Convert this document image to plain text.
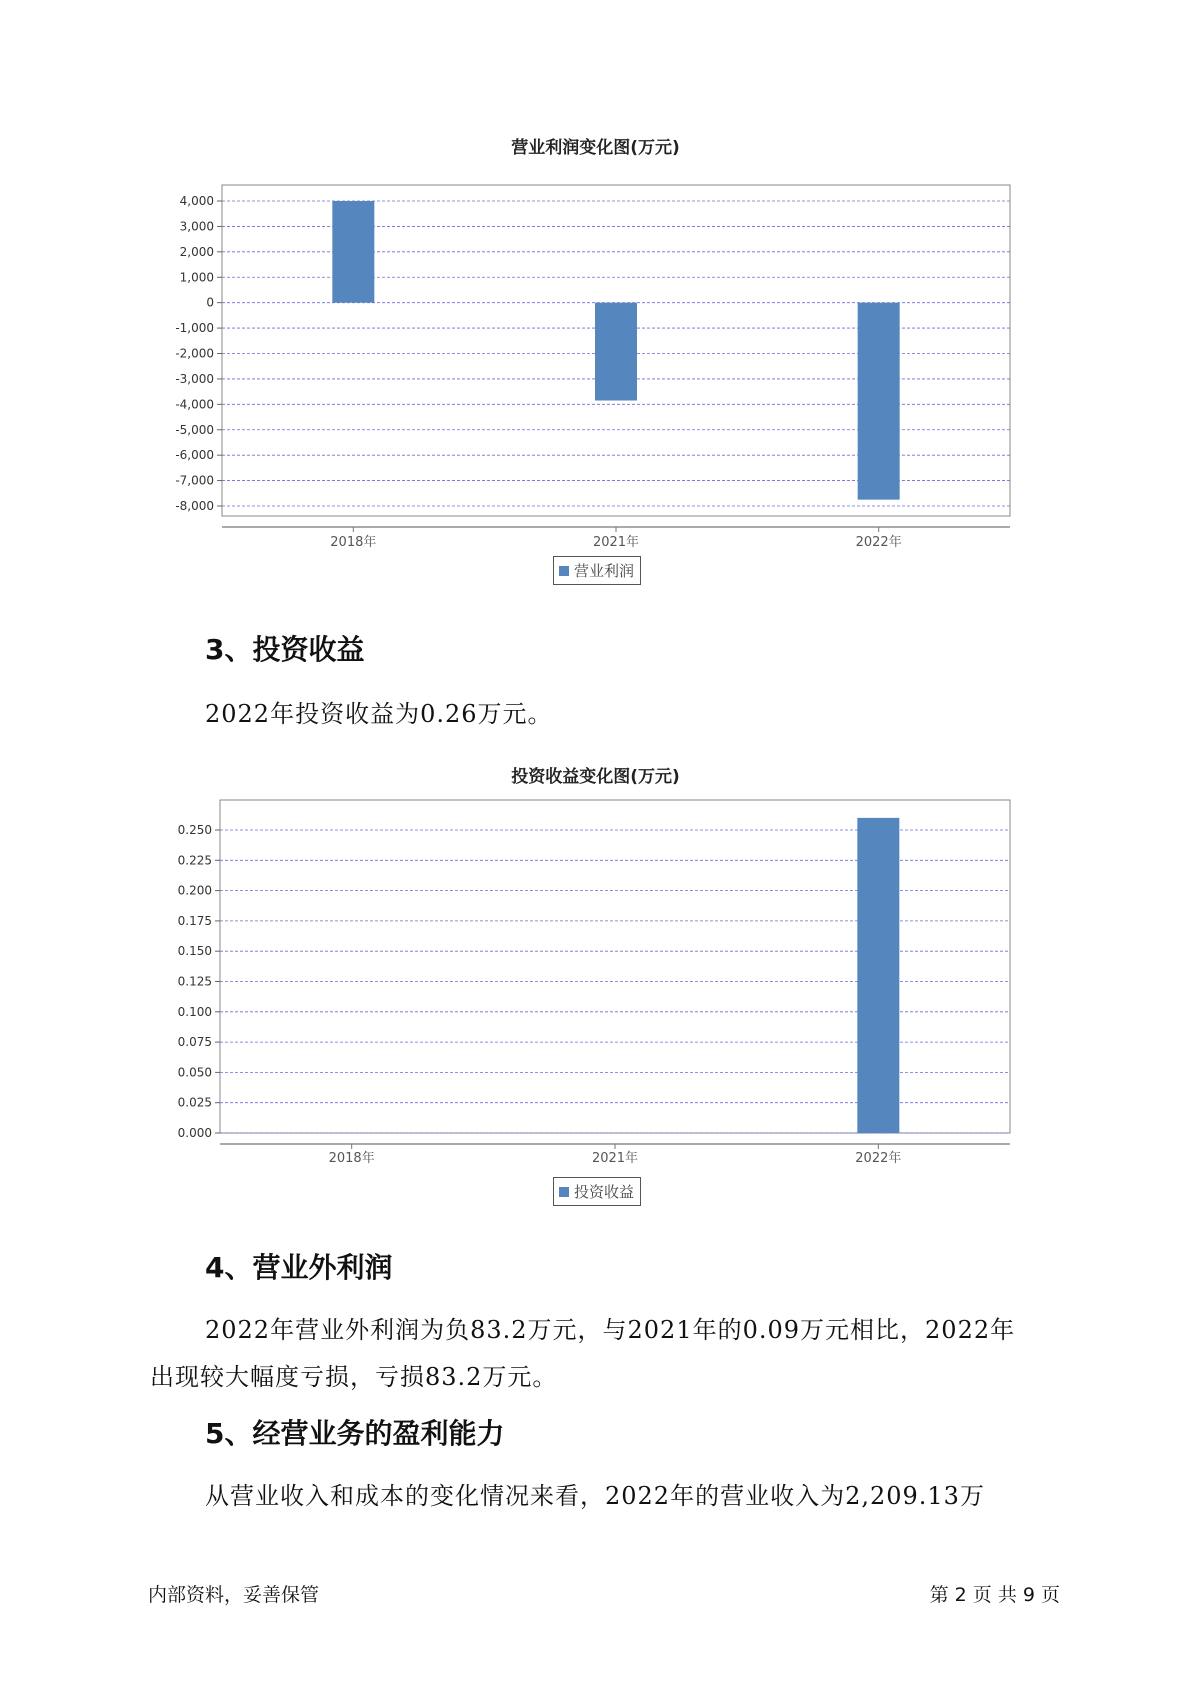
营业利润变化图(万元)
4,000
3,000
2,000
1,000
0
-1,000
-2,000
-3,000
-4,000
-5,000
-6,000
-7,000
-8,000
2018年	2021年	2022年
营业利润
3、投资收益
2022年投资收益为0.26万元。
投资收益变化图(万元)
0.250
0.225
0.200
0.175
0.150
0.125
0.100
0.075
0.050
0.025
0.000
2018年	2021年	2022年
投资收益
4、营业外利润
2022年营业外利润为负83.2万元，与2021年的0.09万元相比，2022年
出现较大幅度亏损，亏损83.2万元。
5、经营业务的盈利能力
从营业收入和成本的变化情况来看，2022年的营业收入为2,209.13万
内部资料，妥善保管	第 2 页 共 9 页
